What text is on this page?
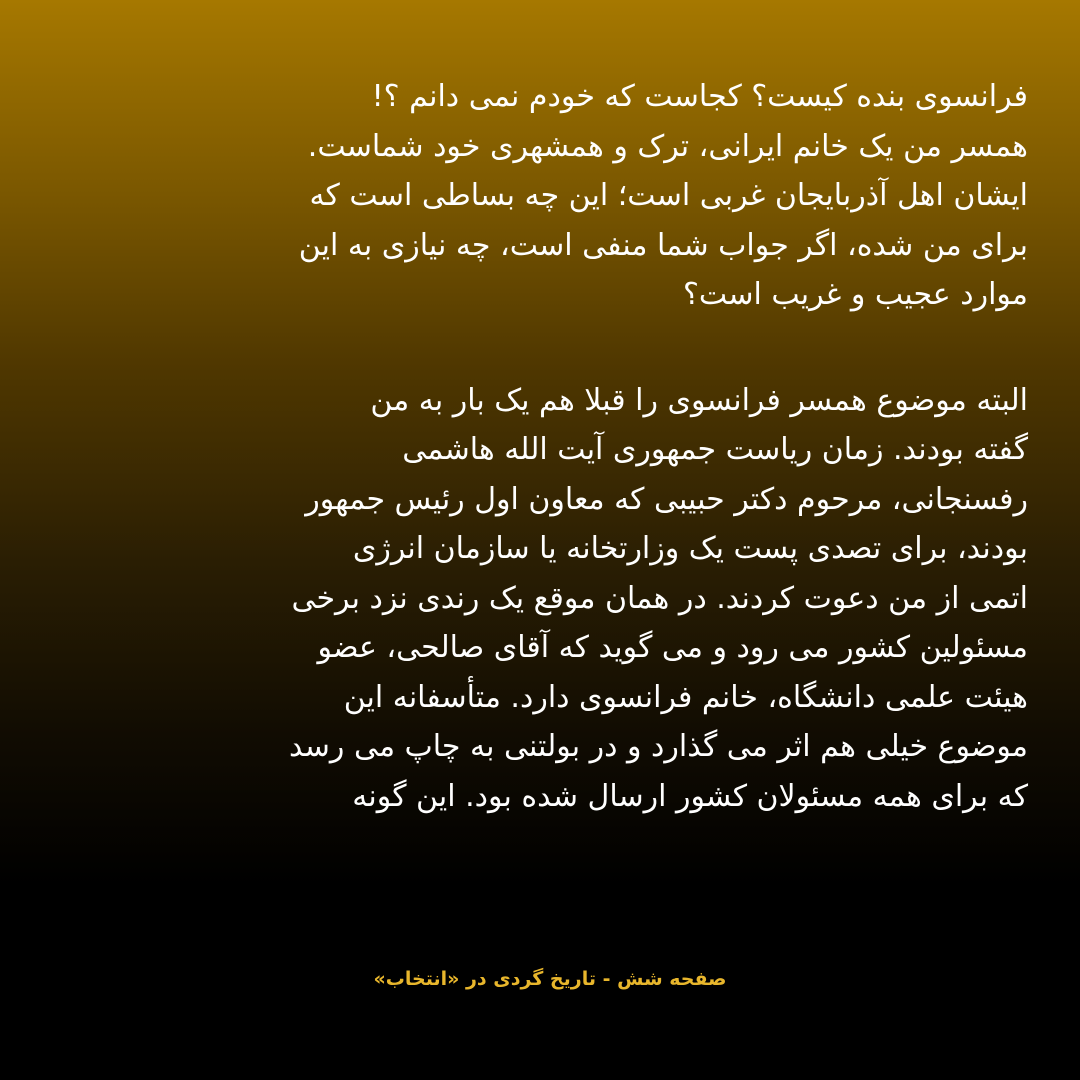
فرانسوی بنده کیست؟ کجاست که خودم نمی دانم ؟!
همسر من یک خانم ایرانی، ترک و همشهری خود شماست.
ایشان اهل آذربایجان غربی است؛ این چه بساطی است که
برای من شده، اگر جواب شما منفی است، چه نیازی به این
موارد عجیب و غریب است؟
البته موضوع همسر فرانسوی را قبلا هم یک بار به من
گفته بودند. زمان ریاست جمهوری آیت الله هاشمی
رفسنجانی، مرحوم دکتر حبیبی که معاون اول رئیس جمهور
بودند، برای تصدی پست یک وزارتخانه یا سازمان انرژی
اتمی از من دعوت کردند. در همان موقع یک رندی نزد برخی
مسئولین کشور می رود و می گوید که آقای صالحی، عضو
هیئت علمی دانشگاه، خانم فرانسوی دارد. متأسفانه این
موضوع خیلی هم اثر می گذارد و در بولتنی به چاپ می رسد
که برای همه مسئولان کشور ارسال شده بود. این گونه
صفحه شش - تاریخ گردی در «انتخاب»
